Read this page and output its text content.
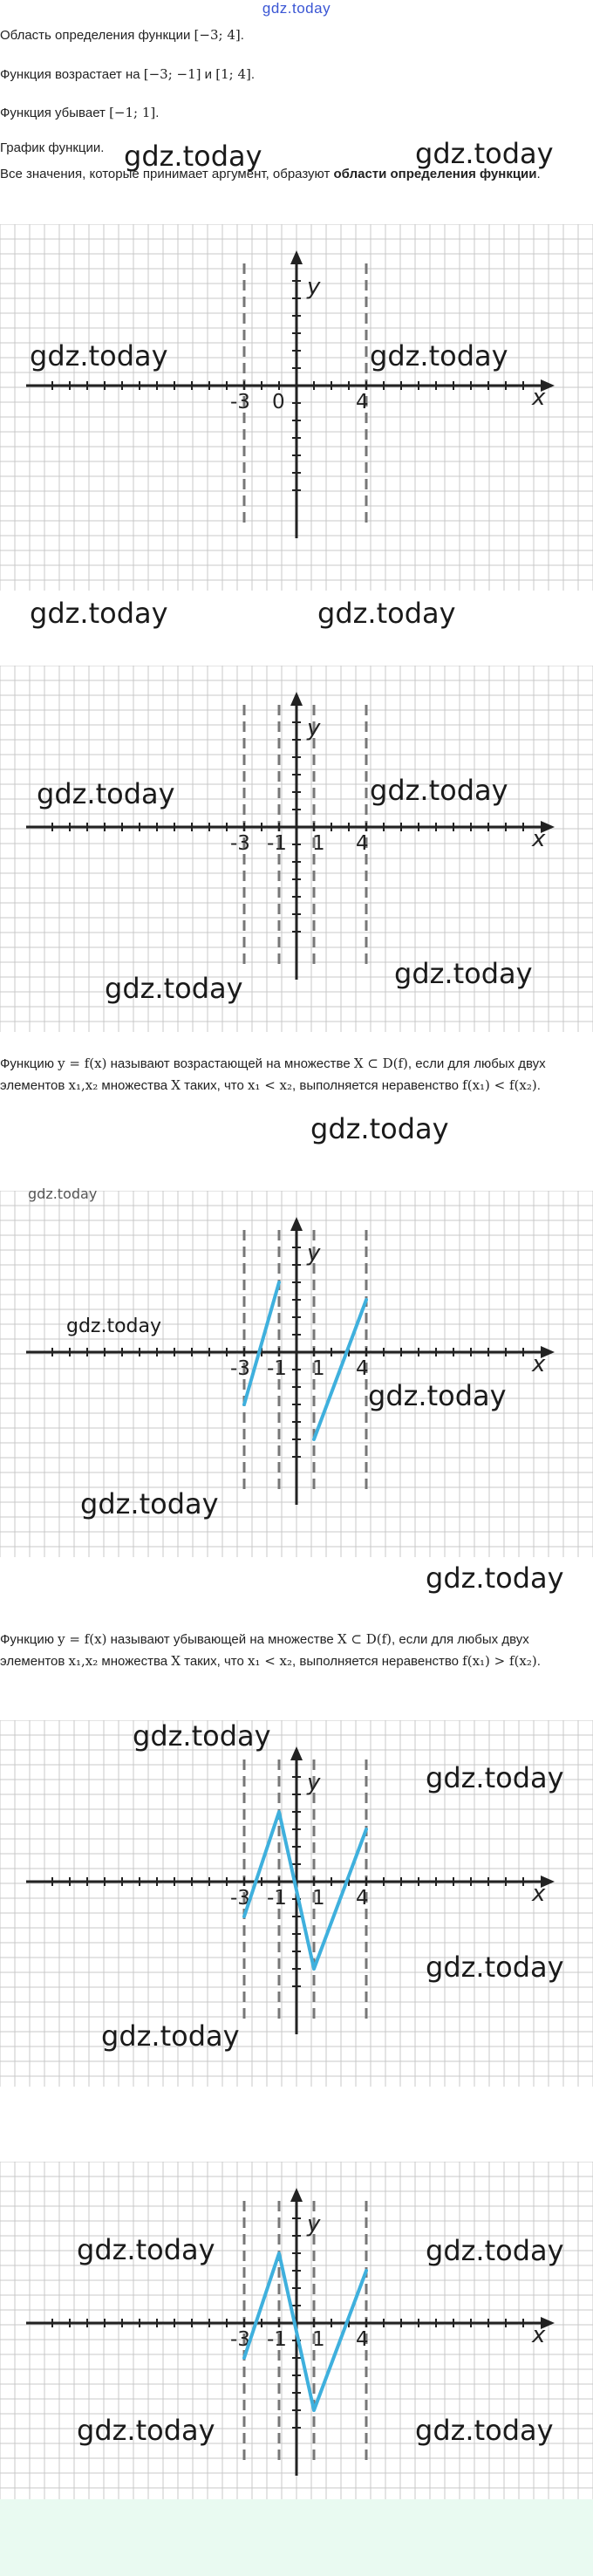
gdz.today
Область определения функции [−3; 4].
Функция возрастает на [−3; −1] и [1; 4].
Функция убывает [−1; 1].
График функции.
Все значения, которые принимает аргумент, образуют области определения функции.
x
y
-3 0	4
x
y
-3 -1 1 4
Функцию y = f(x) называют возрастающей на множестве X ⊂ D(f), если для любых двух элементов x₁,x₂ множества X таких, что x₁ < x₂, выполняется неравенство f(x₁) < f(x₂).
x
y
-3 -1 1 4
Функцию y = f(x) называют убывающей на множестве X ⊂ D(f), если для любых двух элементов x₁,x₂ множества X таких, что x₁ < x₂, выполняется неравенство f(x₁) > f(x₂).
x
y
-3 -1 1 4
x
y
-3 -1 1 4
gdz.today	gdz.today
gdz.today	gdz.today
gdz.today	gdz.today
gdz.today	gdz.today
gdz.today	gdz.today
gdz.today
gdz.today
gdz.today
gdz.today
gdz.today
gdz.today
gdz.today
gdz.today
gdz.today
gdz.today
gdz.today	gdz.today
gdz.today	gdz.today
